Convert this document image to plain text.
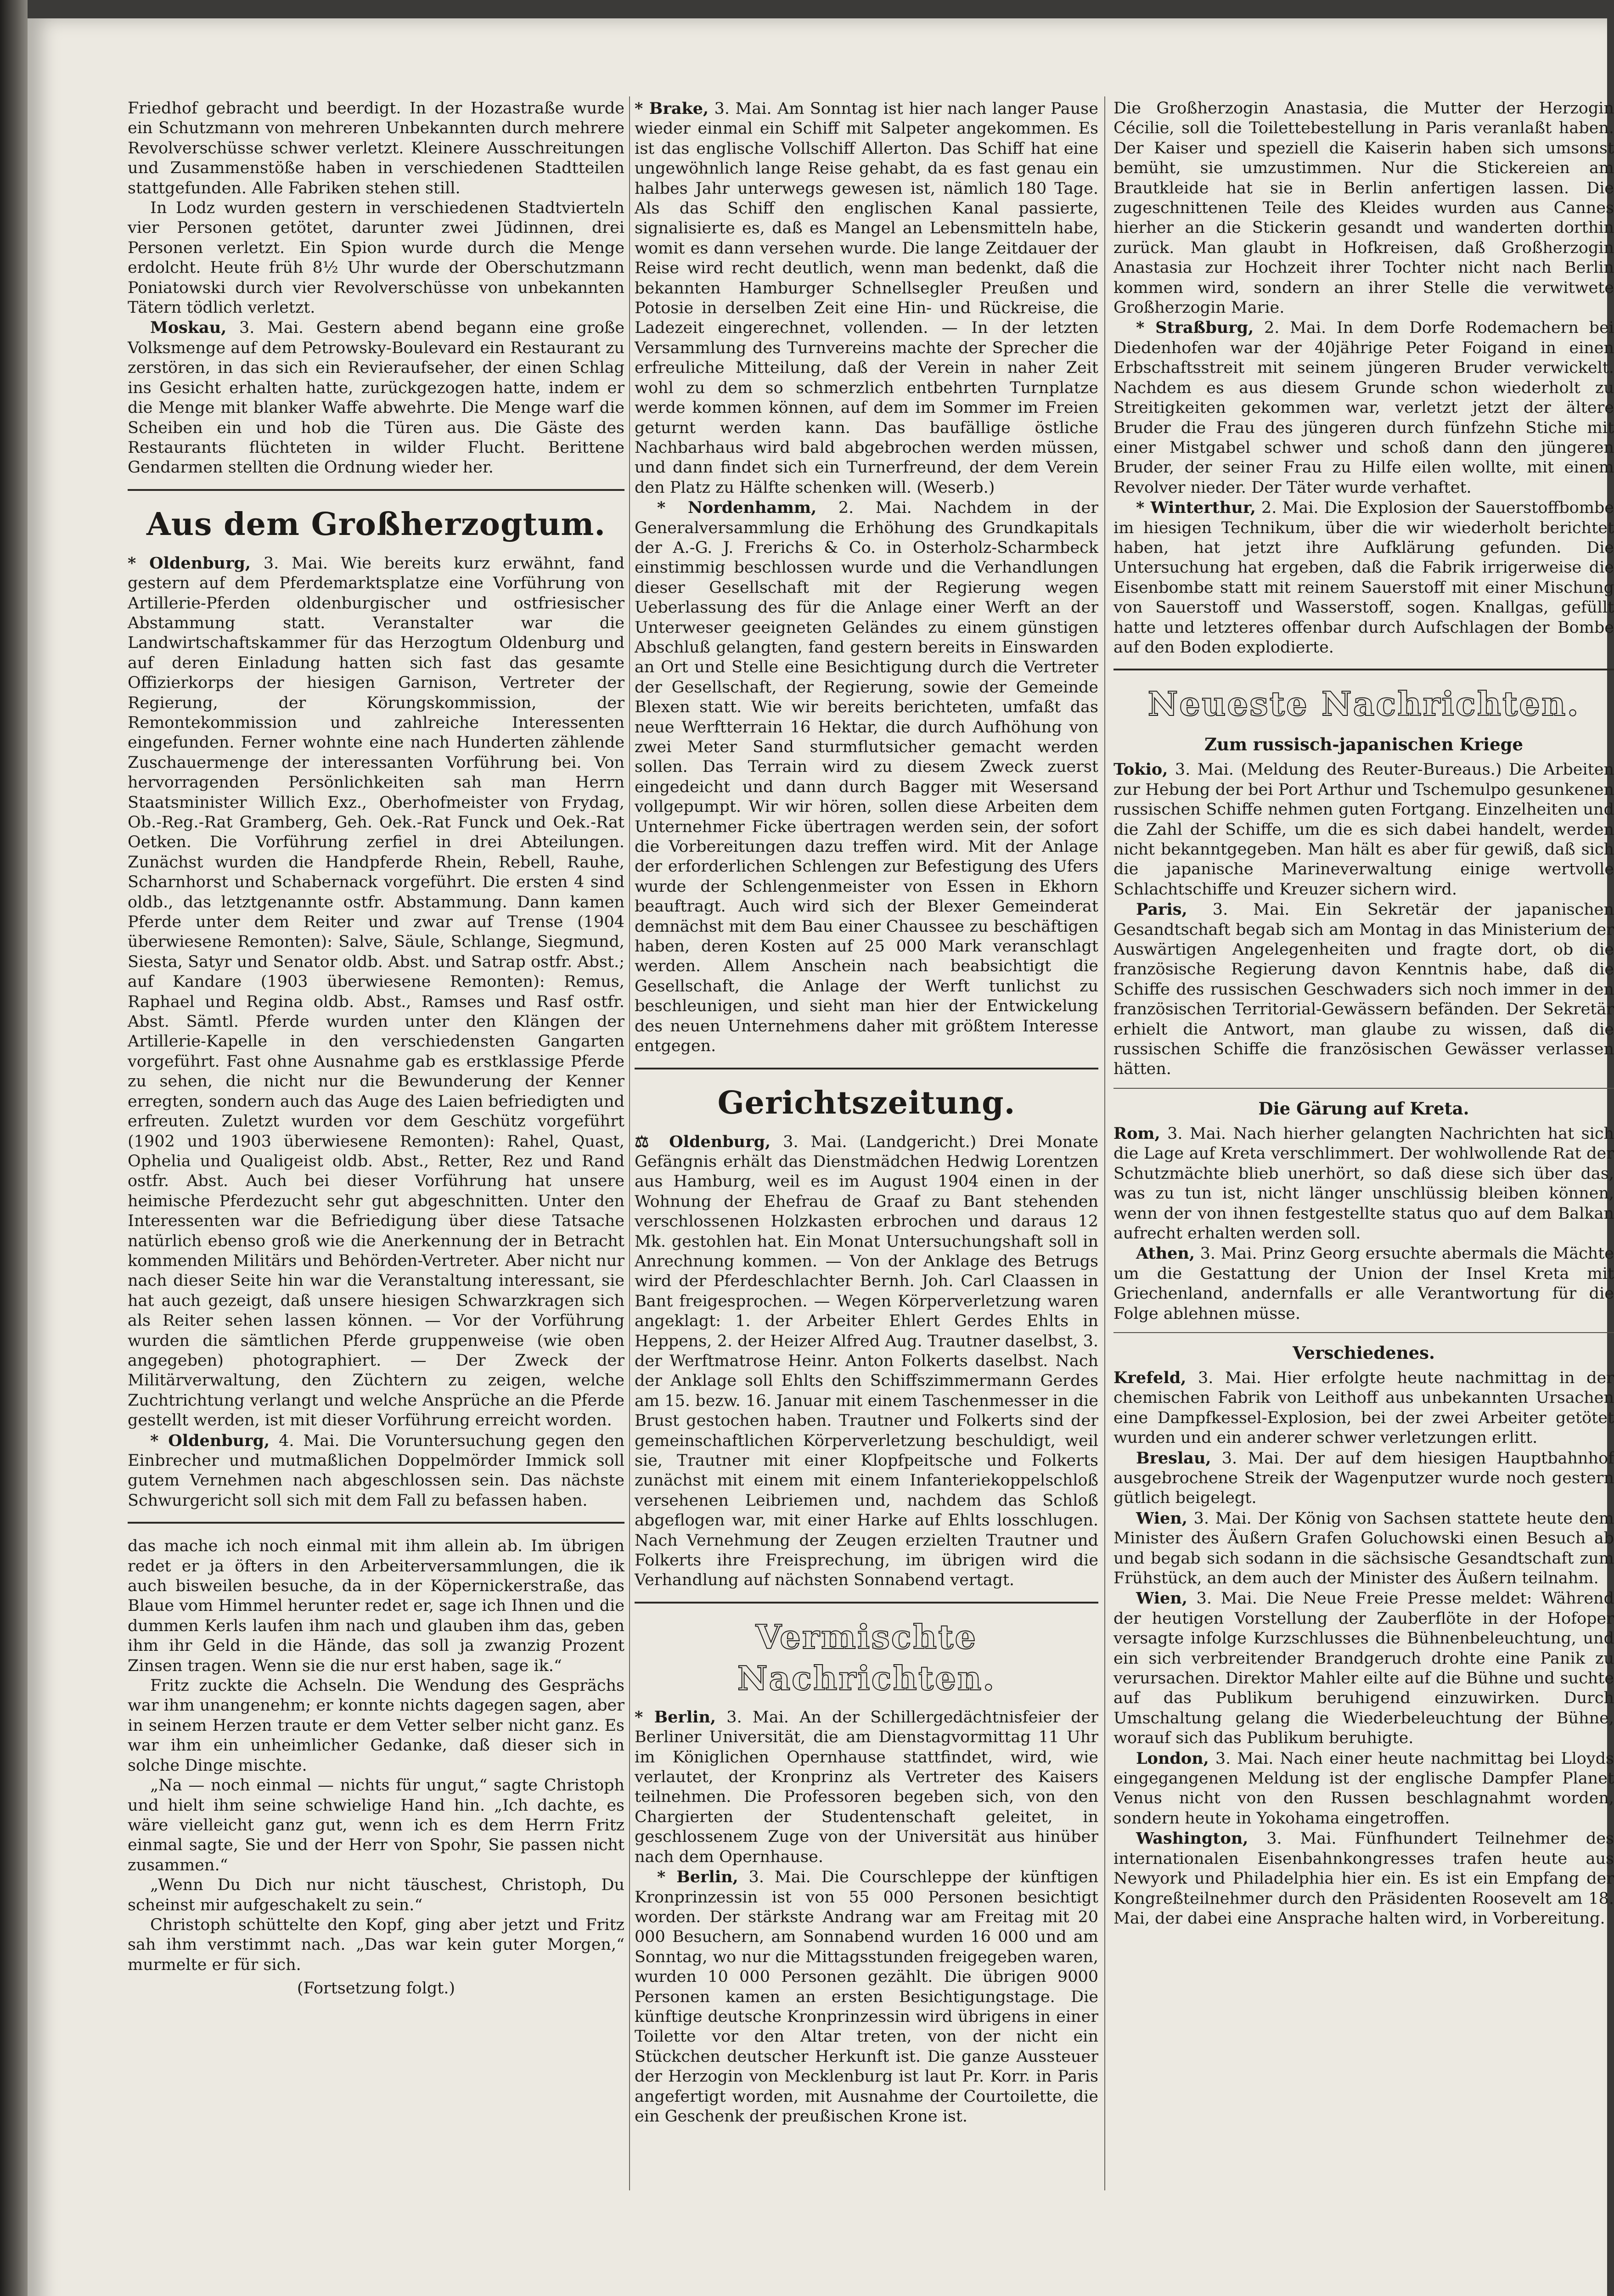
Friedhof gebracht und beerdigt. In der Hozastraße wurde ein Schutzmann von mehreren Unbekannten durch mehrere Revolverschüsse schwer verletzt. Kleinere Ausschreitungen und Zusammenstöße haben in verschiedenen Stadtteilen stattgefunden. Alle Fabriken stehen still.

In Lodz wurden gestern in verschiedenen Stadtvierteln vier Personen getötet, darunter zwei Jüdinnen, drei Personen verletzt. Ein Spion wurde durch die Menge erdolcht. Heute früh 8½ Uhr wurde der Oberschutzmann Poniatowski durch vier Revolverschüsse von unbekannten Tätern tödlich verletzt.

Moskau, 3. Mai. Gestern abend begann eine große Volksmenge auf dem Petrowsky-Boulevard ein Restaurant zu zerstören, in das sich ein Revieraufseher, der einen Schlag ins Gesicht erhalten hatte, zurückgezogen hatte, indem er die Menge mit blanker Waffe abwehrte. Die Menge warf die Scheiben ein und hob die Türen aus. Die Gäste des Restaurants flüchteten in wilder Flucht. Berittene Gendarmen stellten die Ordnung wieder her.

Aus dem Großherzogtum.

* Oldenburg, 3. Mai. Wie bereits kurz erwähnt, fand gestern auf dem Pferdemarktsplatze eine Vorführung von Artillerie-Pferden oldenburgischer und ostfriesischer Abstammung statt. Veranstalter war die Landwirtschaftskammer für das Herzogtum Oldenburg und auf deren Einladung hatten sich fast das gesamte Offizierkorps der hiesigen Garnison, Vertreter der Regierung, der Körungskommission, der Remontekommission und zahlreiche Interessenten eingefunden. Ferner wohnte eine nach Hunderten zählende Zuschauermenge der interessanten Vorführung bei. Von hervorragenden Persönlichkeiten sah man Herrn Staatsminister Willich Exz., Oberhofmeister von Frydag, Ob.-Reg.-Rat Gramberg, Geh. Oek.-Rat Funck und Oek.-Rat Oetken. Die Vorführung zerfiel in drei Abteilungen. Zunächst wurden die Handpferde Rhein, Rebell, Rauhe, Scharnhorst und Schabernack vorgeführt. Die ersten 4 sind oldb., das letztgenannte ostfr. Abstammung. Dann kamen Pferde unter dem Reiter und zwar auf Trense (1904 überwiesene Remonten): Salve, Säule, Schlange, Siegmund, Siesta, Satyr und Senator oldb. Abst. und Satrap ostfr. Abst.; auf Kandare (1903 überwiesene Remonten): Remus, Raphael und Regina oldb. Abst., Ramses und Rasf ostfr. Abst. Sämtl. Pferde wurden unter den Klängen der Artillerie-Kapelle in den verschiedensten Gangarten vorgeführt. Fast ohne Ausnahme gab es erstklassige Pferde zu sehen, die nicht nur die Bewunderung der Kenner erregten, sondern auch das Auge des Laien befriedigten und erfreuten. Zuletzt wurden vor dem Geschütz vorgeführt (1902 und 1903 überwiesene Remonten): Rahel, Quast, Ophelia und Qualigeist oldb. Abst., Retter, Rez und Rand ostfr. Abst. Auch bei dieser Vorführung hat unsere heimische Pferdezucht sehr gut abgeschnitten. Unter den Interessenten war die Befriedigung über diese Tatsache natürlich ebenso groß wie die Anerkennung der in Betracht kommenden Militärs und Behörden-Vertreter. Aber nicht nur nach dieser Seite hin war die Veranstaltung interessant, sie hat auch gezeigt, daß unsere hiesigen Schwarzkragen sich als Reiter sehen lassen können. — Vor der Vorführung wurden die sämtlichen Pferde gruppenweise (wie oben angegeben) photographiert. — Der Zweck der Militärverwaltung, den Züchtern zu zeigen, welche Zuchtrichtung verlangt und welche Ansprüche an die Pferde gestellt werden, ist mit dieser Vorführung erreicht worden.

* Oldenburg, 4. Mai. Die Voruntersuchung gegen den Einbrecher und mutmaßlichen Doppelmörder Immick soll gutem Vernehmen nach abgeschlossen sein. Das nächste Schwurgericht soll sich mit dem Fall zu befassen haben.

das mache ich noch einmal mit ihm allein ab. Im übrigen redet er ja öfters in den Arbeiterversammlungen, die ik auch bisweilen besuche, da in der Köpernickerstraße, das Blaue vom Himmel herunter redet er, sage ich Ihnen und die dummen Kerls laufen ihm nach und glauben ihm das, geben ihm ihr Geld in die Hände, das soll ja zwanzig Prozent Zinsen tragen. Wenn sie die nur erst haben, sage ik.“

Fritz zuckte die Achseln. Die Wendung des Gesprächs war ihm unangenehm; er konnte nichts dagegen sagen, aber in seinem Herzen traute er dem Vetter selber nicht ganz. Es war ihm ein unheimlicher Gedanke, daß dieser sich in solche Dinge mischte.

„Na — noch einmal — nichts für ungut,“ sagte Christoph und hielt ihm seine schwielige Hand hin. „Ich dachte, es wäre vielleicht ganz gut, wenn ich es dem Herrn Fritz einmal sagte, Sie und der Herr von Spohr, Sie passen nicht zusammen.“

„Wenn Du Dich nur nicht täuschest, Christoph, Du scheinst mir aufgeschakelt zu sein.“

Christoph schüttelte den Kopf, ging aber jetzt und Fritz sah ihm verstimmt nach. „Das war kein guter Morgen,“ murmelte er für sich.

(Fortsetzung folgt.)

* Brake, 3. Mai. Am Sonntag ist hier nach langer Pause wieder einmal ein Schiff mit Salpeter angekommen. Es ist das englische Vollschiff Allerton. Das Schiff hat eine ungewöhnlich lange Reise gehabt, da es fast genau ein halbes Jahr unterwegs gewesen ist, nämlich 180 Tage. Als das Schiff den englischen Kanal passierte, signalisierte es, daß es Mangel an Lebensmitteln habe, womit es dann versehen wurde. Die lange Zeitdauer der Reise wird recht deutlich, wenn man bedenkt, daß die bekannten Hamburger Schnellsegler Preußen und Potosie in derselben Zeit eine Hin- und Rückreise, die Ladezeit eingerechnet, vollenden. — In der letzten Versammlung des Turnvereins machte der Sprecher die erfreuliche Mitteilung, daß der Verein in naher Zeit wohl zu dem so schmerzlich entbehrten Turnplatze werde kommen können, auf dem im Sommer im Freien geturnt werden kann. Das baufällige östliche Nachbarhaus wird bald abgebrochen werden müssen, und dann findet sich ein Turnerfreund, der dem Verein den Platz zu Hälfte schenken will. (Weserb.)

* Nordenhamm, 2. Mai. Nachdem in der Generalversammlung die Erhöhung des Grundkapitals der A.-G. J. Frerichs & Co. in Osterholz-Scharmbeck einstimmig beschlossen wurde und die Verhandlungen dieser Gesellschaft mit der Regierung wegen Ueberlassung des für die Anlage einer Werft an der Unterweser geeigneten Geländes zu einem günstigen Abschluß gelangten, fand gestern bereits in Einswarden an Ort und Stelle eine Besichtigung durch die Vertreter der Gesellschaft, der Regierung, sowie der Gemeinde Blexen statt. Wie wir bereits berichteten, umfaßt das neue Werftterrain 16 Hektar, die durch Aufhöhung von zwei Meter Sand sturmflutsicher gemacht werden sollen. Das Terrain wird zu diesem Zweck zuerst eingedeicht und dann durch Bagger mit Wesersand vollgepumpt. Wir wir hören, sollen diese Arbeiten dem Unternehmer Ficke übertragen werden sein, der sofort die Vorbereitungen dazu treffen wird. Mit der Anlage der erforderlichen Schlengen zur Befestigung des Ufers wurde der Schlengenmeister von Essen in Ekhorn beauftragt. Auch wird sich der Blexer Gemeinderat demnächst mit dem Bau einer Chaussee zu beschäftigen haben, deren Kosten auf 25 000 Mark veranschlagt werden. Allem Anschein nach beabsichtigt die Gesellschaft, die Anlage der Werft tunlichst zu beschleunigen, und sieht man hier der Entwickelung des neuen Unternehmens daher mit größtem Interesse entgegen.

Gerichtszeitung.

⚖ Oldenburg, 3. Mai. (Landgericht.) Drei Monate Gefängnis erhält das Dienstmädchen Hedwig Lorentzen aus Hamburg, weil es im August 1904 einen in der Wohnung der Ehefrau de Graaf zu Bant stehenden verschlossenen Holzkasten erbrochen und daraus 12 Mk. gestohlen hat. Ein Monat Untersuchungshaft soll in Anrechnung kommen. — Von der Anklage des Betrugs wird der Pferdeschlachter Bernh. Joh. Carl Claassen in Bant freigesprochen. — Wegen Körperverletzung waren angeklagt: 1. der Arbeiter Ehlert Gerdes Ehlts in Heppens, 2. der Heizer Alfred Aug. Trautner daselbst, 3. der Werftmatrose Heinr. Anton Folkerts daselbst. Nach der Anklage soll Ehlts den Schiffszimmermann Gerdes am 15. bezw. 16. Januar mit einem Taschenmesser in die Brust gestochen haben. Trautner und Folkerts sind der gemeinschaftlichen Körperverletzung beschuldigt, weil sie, Trautner mit einer Klopfpeitsche und Folkerts zunächst mit einem mit einem Infanteriekoppelschloß versehenen Leibriemen und, nachdem das Schloß abgeflogen war, mit einer Harke auf Ehlts losschlugen. Nach Vernehmung der Zeugen erzielten Trautner und Folkerts ihre Freisprechung, im übrigen wird die Verhandlung auf nächsten Sonnabend vertagt.

Vermischte Nachrichten.

* Berlin, 3. Mai. An der Schillergedächtnisfeier der Berliner Universität, die am Dienstagvormittag 11 Uhr im Königlichen Opernhause stattfindet, wird, wie verlautet, der Kronprinz als Vertreter des Kaisers teilnehmen. Die Professoren begeben sich, von den Chargierten der Studentenschaft geleitet, in geschlossenem Zuge von der Universität aus hinüber nach dem Opernhause.

* Berlin, 3. Mai. Die Courschleppe der künftigen Kronprinzessin ist von 55 000 Personen besichtigt worden. Der stärkste Andrang war am Freitag mit 20 000 Besuchern, am Sonnabend wurden 16 000 und am Sonntag, wo nur die Mittagsstunden freigegeben waren, wurden 10 000 Personen gezählt. Die übrigen 9000 Personen kamen an ersten Besichtigungstage. Die künftige deutsche Kronprinzessin wird übrigens in einer Toilette vor den Altar treten, von der nicht ein Stückchen deutscher Herkunft ist. Die ganze Aussteuer der Herzogin von Mecklenburg ist laut Pr. Korr. in Paris angefertigt worden, mit Ausnahme der Courtoilette, die ein Geschenk der preußischen Krone ist.

Die Großherzogin Anastasia, die Mutter der Herzogin Cécilie, soll die Toilettebestellung in Paris veranlaßt haben. Der Kaiser und speziell die Kaiserin haben sich umsonst bemüht, sie umzustimmen. Nur die Stickereien am Brautkleide hat sie in Berlin anfertigen lassen. Die zugeschnittenen Teile des Kleides wurden aus Cannes hierher an die Stickerin gesandt und wanderten dorthin zurück. Man glaubt in Hofkreisen, daß Großherzogin Anastasia zur Hochzeit ihrer Tochter nicht nach Berlin kommen wird, sondern an ihrer Stelle die verwitwete Großherzogin Marie.

* Straßburg, 2. Mai. In dem Dorfe Rodemachern bei Diedenhofen war der 40jährige Peter Foigand in einen Erbschaftsstreit mit seinem jüngeren Bruder verwickelt. Nachdem es aus diesem Grunde schon wiederholt zu Streitigkeiten gekommen war, verletzt jetzt der ältere Bruder die Frau des jüngeren durch fünfzehn Stiche mit einer Mistgabel schwer und schoß dann den jüngeren Bruder, der seiner Frau zu Hilfe eilen wollte, mit einem Revolver nieder. Der Täter wurde verhaftet.

* Winterthur, 2. Mai. Die Explosion der Sauerstoffbombe im hiesigen Technikum, über die wir wiederholt berichtet haben, hat jetzt ihre Aufklärung gefunden. Die Untersuchung hat ergeben, daß die Fabrik irrigerweise die Eisenbombe statt mit reinem Sauerstoff mit einer Mischung von Sauerstoff und Wasserstoff, sogen. Knallgas, gefüllt hatte und letzteres offenbar durch Aufschlagen der Bombe auf den Boden explodierte.

Neueste Nachrichten.
Zum russisch-japanischen Kriege

Tokio, 3. Mai. (Meldung des Reuter-Bureaus.) Die Arbeiten zur Hebung der bei Port Arthur und Tschemulpo gesunkenen russischen Schiffe nehmen guten Fortgang. Einzelheiten und die Zahl der Schiffe, um die es sich dabei handelt, werden nicht bekanntgegeben. Man hält es aber für gewiß, daß sich die japanische Marineverwaltung einige wertvolle Schlachtschiffe und Kreuzer sichern wird.

Paris, 3. Mai. Ein Sekretär der japanischen Gesandtschaft begab sich am Montag in das Ministerium der Auswärtigen Angelegenheiten und fragte dort, ob die französische Regierung davon Kenntnis habe, daß die Schiffe des russischen Geschwaders sich noch immer in den französischen Territorial-Gewässern befänden. Der Sekretär erhielt die Antwort, man glaube zu wissen, daß die russischen Schiffe die französischen Gewässer verlassen hätten.

Die Gärung auf Kreta.

Rom, 3. Mai. Nach hierher gelangten Nachrichten hat sich die Lage auf Kreta verschlimmert. Der wohlwollende Rat der Schutzmächte blieb unerhört, so daß diese sich über das, was zu tun ist, nicht länger unschlüssig bleiben können, wenn der von ihnen festgestellte status quo auf dem Balkan aufrecht erhalten werden soll.

Athen, 3. Mai. Prinz Georg ersuchte abermals die Mächte um die Gestattung der Union der Insel Kreta mit Griechenland, andernfalls er alle Verantwortung für die Folge ablehnen müsse.

Verschiedenes.

Krefeld, 3. Mai. Hier erfolgte heute nachmittag in der chemischen Fabrik von Leithoff aus unbekannten Ursachen eine Dampfkessel-Explosion, bei der zwei Arbeiter getötet wurden und ein anderer schwer verletzungen erlitt.

Breslau, 3. Mai. Der auf dem hiesigen Hauptbahnhof ausgebrochene Streik der Wagenputzer wurde noch gestern gütlich beigelegt.

Wien, 3. Mai. Der König von Sachsen stattete heute dem Minister des Äußern Grafen Goluchowski einen Besuch ab und begab sich sodann in die sächsische Gesandtschaft zum Frühstück, an dem auch der Minister des Äußern teilnahm.

Wien, 3. Mai. Die Neue Freie Presse meldet: Während der heutigen Vorstellung der Zauberflöte in der Hofoper versagte infolge Kurzschlusses die Bühnenbeleuchtung, und ein sich verbreitender Brandgeruch drohte eine Panik zu verursachen. Direktor Mahler eilte auf die Bühne und suchte auf das Publikum beruhigend einzuwirken. Durch Umschaltung gelang die Wiederbeleuchtung der Bühne, worauf sich das Publikum beruhigte.

London, 3. Mai. Nach einer heute nachmittag bei Lloyds eingegangenen Meldung ist der englische Dampfer Planet Venus nicht von den Russen beschlagnahmt worden, sondern heute in Yokohama eingetroffen.

Washington, 3. Mai. Fünfhundert Teilnehmer des internationalen Eisenbahnkongresses trafen heute aus Newyork und Philadelphia hier ein. Es ist ein Empfang der Kongreßteilnehmer durch den Präsidenten Roosevelt am 18. Mai, der dabei eine Ansprache halten wird, in Vorbereitung.
